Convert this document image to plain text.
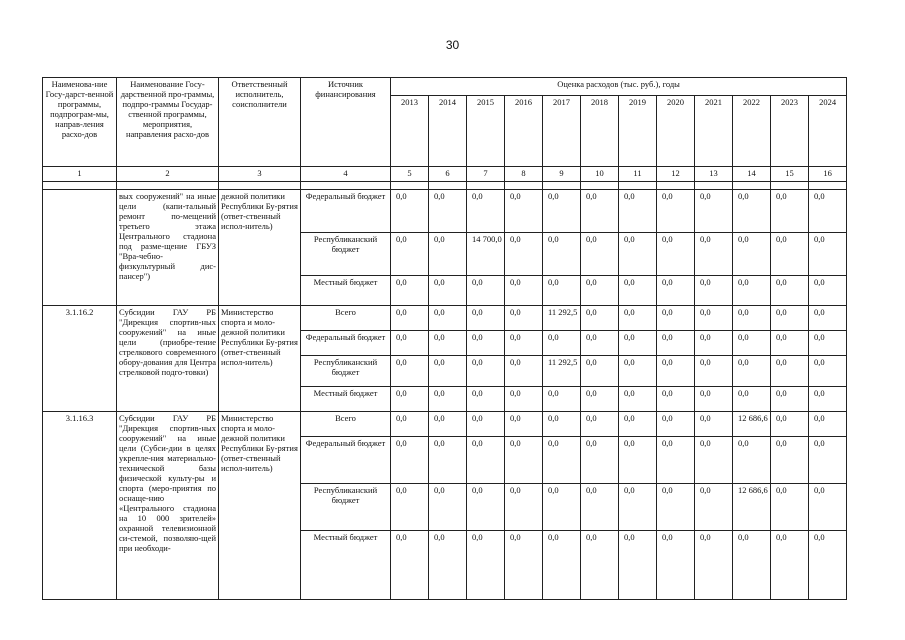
30
Наименова-ние Госу-дарст-венной программы, подпрограм-мы, направ-ления расхо-дов	Наименование Госу-дарственной про-граммы, подпро-граммы Государ-ственной программы, мероприятия, направления расхо-дов	Ответственный исполнитель, соисполнители	Источник финансирования	Оценка расходов (тыс. руб.), годы											
				2013	2014	2015	2016	2017	2018	2019	2020	2021	2022	2023	2024
1	2	3	4	5	6	7	8	9	10	11	12	13	14	15	16

	вых сооружений" на иные цели (капи-тальный ремонт по-мещений третьего этажа Центрального стадиона под разме-щение ГБУЗ "Вра-чебно-физкультурный дис-пансер")	дежной политики Республики Бу-рятия (ответ-ственный испол-нитель)	Федеральный бюджет	0,0	0,0	0,0	0,0	0,0	0,0	0,0	0,0	0,0	0,0	0,0	0,0
			Республиканский бюджет	0,0	0,0	14 700,0	0,0	0,0	0,0	0,0	0,0	0,0	0,0	0,0	0,0
			Местный бюджет	0,0	0,0	0,0	0,0	0,0	0,0	0,0	0,0	0,0	0,0	0,0	0,0
3.1.16.2	Субсидии ГАУ РБ "Дирекция спортив-ных сооружений" на иные цели (приобре-тение стрелкового современного обору-дования для Центра стрелковой подго-товки)	Министерство спорта и моло-дежной политики Республики Бу-рятия (ответ-ственный испол-нитель)	Всего	0,0	0,0	0,0	0,0	11 292,5	0,0	0,0	0,0	0,0	0,0	0,0	0,0
			Федеральный бюджет	0,0	0,0	0,0	0,0	0,0	0,0	0,0	0,0	0,0	0,0	0,0	0,0
			Республиканский бюджет	0,0	0,0	0,0	0,0	11 292,5	0,0	0,0	0,0	0,0	0,0	0,0	0,0
			Местный бюджет	0,0	0,0	0,0	0,0	0,0	0,0	0,0	0,0	0,0	0,0	0,0	0,0
3.1.16.3	Субсидии ГАУ РБ "Дирекция спортив-ных сооружений" на иные цели (Субси-дии в целях укрепле-ния материально-технической базы физической культу-ры и спорта (меро-приятия по оснаще-нию «Центрального стадиона на 10 000 зрителей» охранной телевизионной си-стемой, позволяю-щей при необходи-	Министерство спорта и моло-дежной политики Республики Бу-рятия (ответ-ственный испол-нитель)	Всего	0,0	0,0	0,0	0,0	0,0	0,0	0,0	0,0	0,0	12 686,6	0,0	0,0
			Федеральный бюджет	0,0	0,0	0,0	0,0	0,0	0,0	0,0	0,0	0,0	0,0	0,0	0,0
			Республиканский бюджет	0,0	0,0	0,0	0,0	0,0	0,0	0,0	0,0	0,0	12 686,6	0,0	0,0
			Местный бюджет	0,0	0,0	0,0	0,0	0,0	0,0	0,0	0,0	0,0	0,0	0,0	0,0
